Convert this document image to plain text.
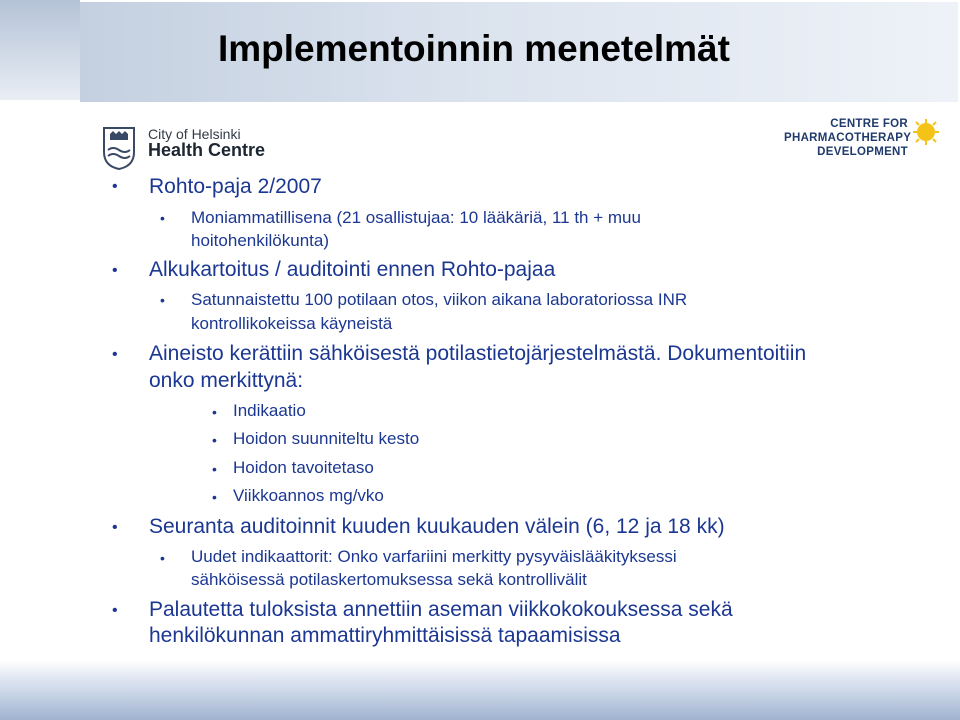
Implementoinnin menetelmät
City of Helsinki
Health Centre
CENTRE FOR
PHARMACOTHERAPY
DEVELOPMENT
• Rohto-paja 2/2007
• Moniammatillisena (21 osallistujaa: 10 lääkäriä, 11 th + muu
hoitohenkilökunta)
• Alkukartoitus / auditointi ennen Rohto-pajaa
• Satunnaistettu 100 potilaan otos, viikon aikana laboratoriossa INR
kontrollikokeissa käyneistä
• Aineisto kerättiin sähköisestä potilastietojärjestelmästä. Dokumentoitiin
onko merkittynä:
• Indikaatio
• Hoidon suunniteltu kesto
• Hoidon tavoitetaso
• Viikkoannos mg/vko
• Seuranta auditoinnit kuuden kuukauden välein (6, 12 ja 18 kk)
• Uudet indikaattorit: Onko varfariini merkitty pysyväislääkityksessi
sähköisessä potilaskertomuksessa sekä kontrollivälit
• Palautetta tuloksista annettiin aseman viikkokokouksessa sekä
henkilökunnan ammattiryhmittäisissä tapaamisissa
